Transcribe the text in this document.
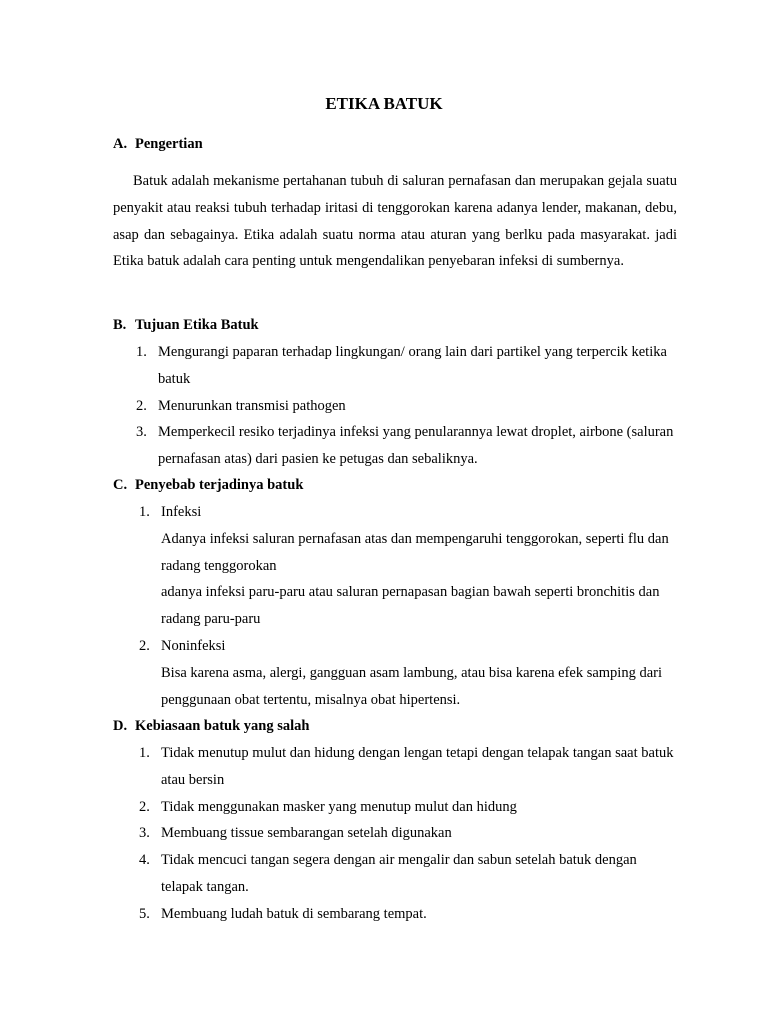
ETIKA BATUK
A. Pengertian

Batuk adalah mekanisme pertahanan tubuh di saluran pernafasan dan merupakan gejala suatu penyakit atau reaksi tubuh terhadap iritasi di tenggorokan karena adanya lender, makanan, debu, asap dan sebagainya. Etika adalah suatu norma atau aturan yang berlku pada masyarakat. jadi Etika batuk adalah cara penting untuk mengendalikan penyebaran infeksi di sumbernya.

B. Tujuan Etika Batuk
1. Mengurangi paparan terhadap lingkungan/ orang lain dari partikel yang terpercik ketika batuk
2. Menurunkan transmisi pathogen
3. Memperkecil resiko terjadinya infeksi yang penularannya lewat droplet, airbone (saluran pernafasan atas) dari pasien ke petugas dan sebaliknya.
C. Penyebab terjadinya batuk
1. Infeksi
Adanya infeksi saluran pernafasan atas dan mempengaruhi tenggorokan, seperti flu dan radang tenggorokan
adanya infeksi paru-paru atau saluran pernapasan bagian bawah seperti bronchitis dan radang paru-paru
2. Noninfeksi
Bisa karena asma, alergi, gangguan asam lambung, atau bisa karena efek samping dari penggunaan obat tertentu, misalnya obat hipertensi.
D. Kebiasaan batuk yang salah
1. Tidak menutup mulut dan hidung dengan lengan tetapi dengan telapak tangan saat batuk atau bersin
2. Tidak menggunakan masker yang menutup mulut dan hidung
3. Membuang tissue sembarangan setelah digunakan
4. Tidak mencuci tangan segera dengan air mengalir dan sabun setelah batuk dengan telapak tangan.
5. Membuang ludah batuk di sembarang tempat.
